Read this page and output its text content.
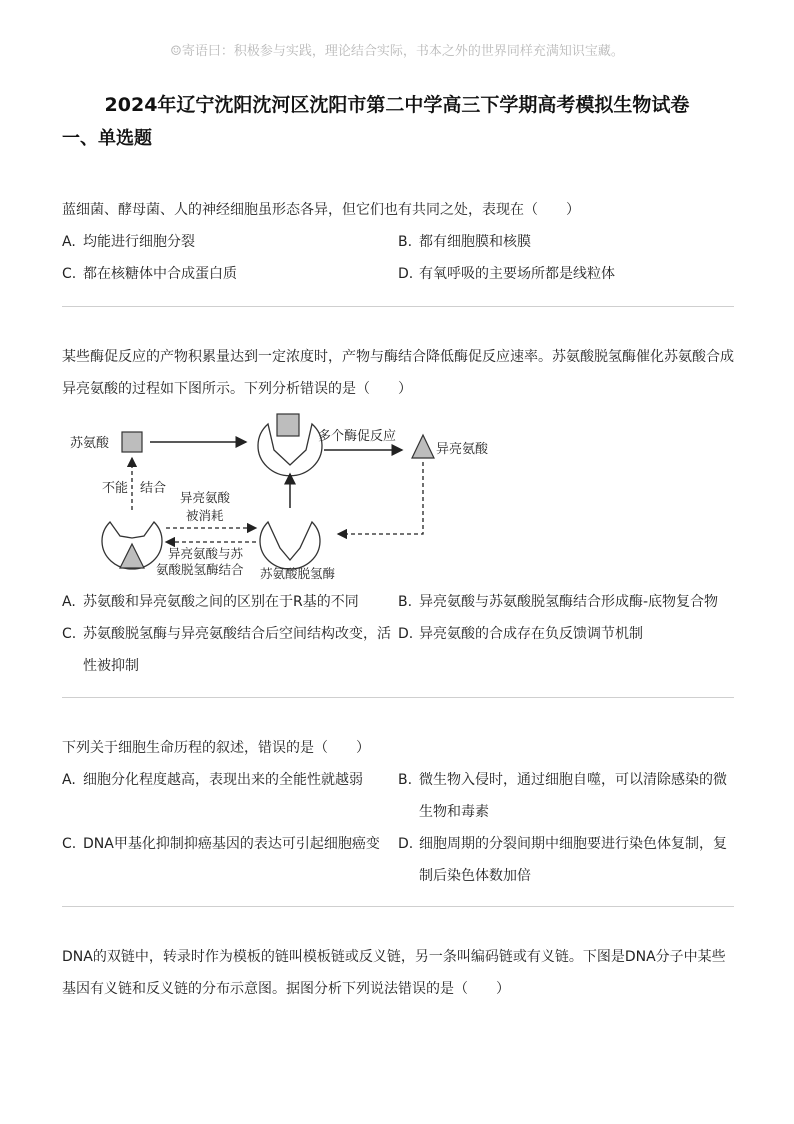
☺寄语曰：积极参与实践，理论结合实际，书本之外的世界同样充满知识宝藏。
2024年辽宁沈阳沈河区沈阳市第二中学高三下学期高考模拟生物试卷
一、单选题

蓝细菌、酵母菌、人的神经细胞虽形态各异，但它们也有共同之处，表现在（　　）

A. 均能进行细胞分裂	B. 都有细胞膜和核膜
C. 都在核糖体中合成蛋白质	D. 有氧呼吸的主要场所都是线粒体

某些酶促反应的产物积累量达到一定浓度时，产物与酶结合降低酶促反应速率。苏氨酸脱氢酶催化苏氨酸合成

异亮氨酸的过程如下图所示。下列分析错误的是（　　）

苏氨酸	多个酶促反应
异亮氨酸
不能 结合
异亮氨酸
被消耗
异亮氨酸与苏
氨酸脱氢酶结合 苏氨酸脱氢酶
A. 苏氨酸和异亮氨酸之间的区别在于R基的不同	B. 异亮氨酸与苏氨酸脱氢酶结合形成酶-底物复合物
C. 苏氨酸脱氢酶与异亮氨酸结合后空间结构改变，活
性被抑制
D. 异亮氨酸的合成存在负反馈调节机制

下列关于细胞生命历程的叙述，错误的是（　　）

A. 细胞分化程度越高，表现出来的全能性就越弱	B. 微生物入侵时，通过细胞自噬，可以清除感染的微
生物和毒素
C. DNA甲基化抑制抑癌基因的表达可引起细胞癌变 D. 细胞周期的分裂间期中细胞要进行染色体复制，复
制后染色体数加倍

DNA的双链中，转录时作为模板的链叫模板链或反义链，另一条叫编码链或有义链。下图是DNA分子中某些

基因有义链和反义链的分布示意图。据图分析下列说法错误的是（　　）
